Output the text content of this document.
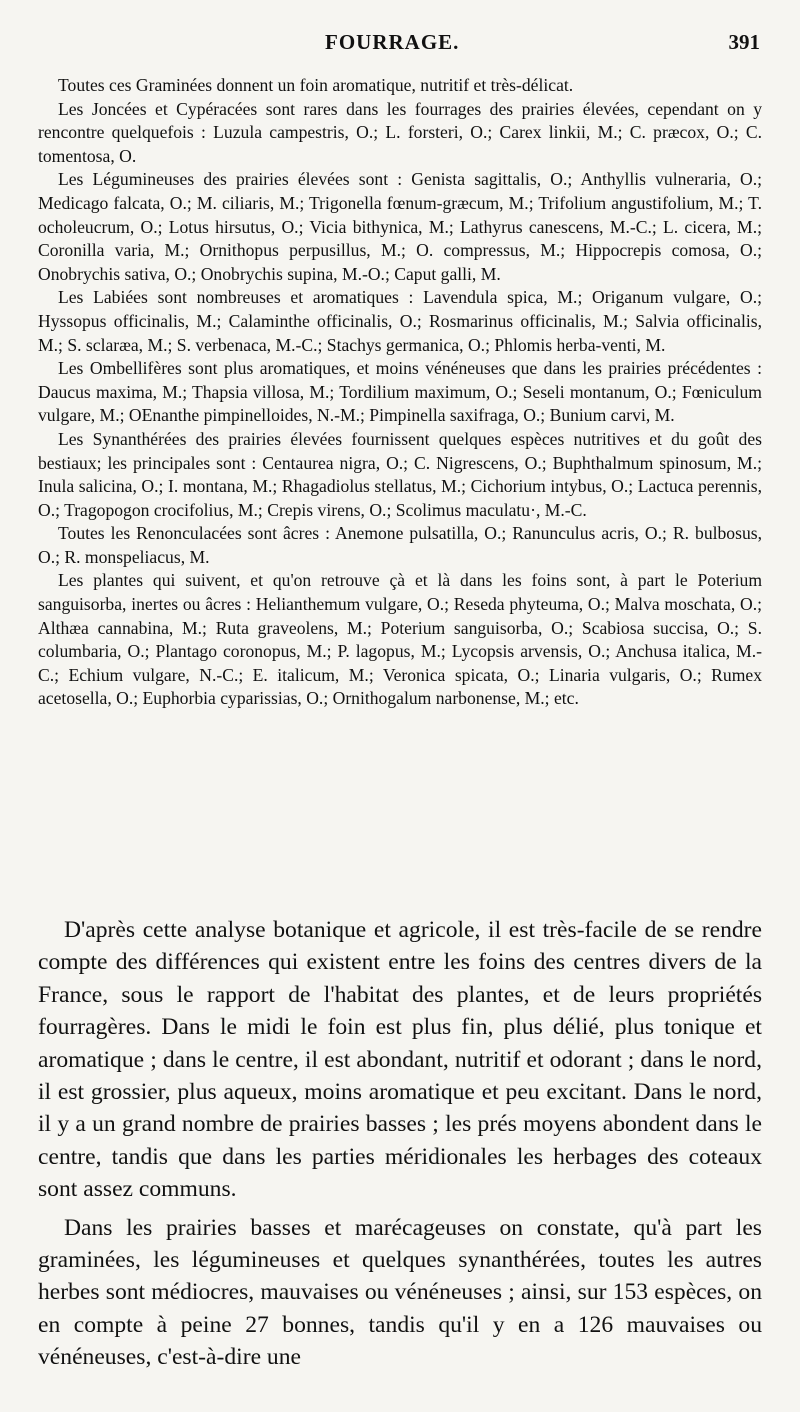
FOURRAGE.	391

Toutes ces Graminées donnent un foin aromatique, nutritif et très-délicat.

Les Joncées et Cypéracées sont rares dans les fourrages des prairies élevées, cependant on y rencontre quelquefois : Luzula campestris, O.; L. forsteri, O.; Carex linkii, M.; C. præcox, O.; C. tomentosa, O.

Les Légumineuses des prairies élevées sont : Genista sagittalis, O.; Anthyllis vulneraria, O.; Medicago falcata, O.; M. ciliaris, M.; Trigonella fœnum-græcum, M.; Trifolium angustifolium, M.; T. ocholeucrum, O.; Lotus hirsutus, O.; Vicia bithynica, M.; Lathyrus canescens, M.-C.; L. cicera, M.; Coronilla varia, M.; Ornithopus perpusillus, M.; O. compressus, M.; Hippocrepis comosa, O.; Onobrychis sativa, O.; Onobrychis supina, M.-O.; Caput galli, M.

Les Labiées sont nombreuses et aromatiques : Lavendula spica, M.; Origanum vulgare, O.; Hyssopus officinalis, M.; Calaminthe officinalis, O.; Rosmarinus officinalis, M.; Salvia officinalis, M.; S. sclaræa, M.; S. verbenaca, M.-C.; Stachys germanica, O.; Phlomis herba-venti, M.

Les Ombellifères sont plus aromatiques, et moins vénéneuses que dans les prairies précédentes : Daucus maxima, M.; Thapsia villosa, M.; Tordilium maximum, O.; Seseli montanum, O.; Fœniculum vulgare, M.; OEnanthe pimpinelloides, N.-M.; Pimpinella saxifraga, O.; Bunium carvi, M.

Les Synanthérées des prairies élevées fournissent quelques espèces nutritives et du goût des bestiaux; les principales sont : Centaurea nigra, O.; C. Nigrescens, O.; Buphthalmum spinosum, M.; Inula salicina, O.; I. montana, M.; Rhagadiolus stellatus, M.; Cichorium intybus, O.; Lactuca perennis, O.; Tragopogon crocifolius, M.; Crepis virens, O.; Scolimus maculatu·, M.-C.

Toutes les Renonculacées sont âcres : Anemone pulsatilla, O.; Ranunculus acris, O.; R. bulbosus, O.; R. monspeliacus, M.

Les plantes qui suivent, et qu'on retrouve çà et là dans les foins sont, à part le Poterium sanguisorba, inertes ou âcres : Helianthemum vulgare, O.; Reseda phyteuma, O.; Malva moschata, O.; Althæa cannabina, M.; Ruta graveolens, M.; Poterium sanguisorba, O.; Scabiosa succisa, O.; S. columbaria, O.; Plantago coronopus, M.; P. lagopus, M.; Lycopsis arvensis, O.; Anchusa italica, M.-C.; Echium vulgare, N.-C.; E. italicum, M.; Veronica spicata, O.; Linaria vulgaris, O.; Rumex acetosella, O.; Euphorbia cyparissias, O.; Ornithogalum narbonense, M.; etc.

D'après cette analyse botanique et agricole, il est très-facile de se rendre compte des différences qui existent entre les foins des centres divers de la France, sous le rapport de l'habitat des plantes, et de leurs propriétés fourragères. Dans le midi le foin est plus fin, plus délié, plus tonique et aromatique ; dans le centre, il est abondant, nutritif et odorant ; dans le nord, il est grossier, plus aqueux, moins aromatique et peu excitant. Dans le nord, il y a un grand nombre de prairies basses ; les prés moyens abondent dans le centre, tandis que dans les parties méridionales les herbages des coteaux sont assez communs.

Dans les prairies basses et marécageuses on constate, qu'à part les graminées, les légumineuses et quelques synanthérées, toutes les autres herbes sont médiocres, mauvaises ou vénéneuses ; ainsi, sur 153 espèces, on en compte à peine 27 bonnes, tandis qu'il y en a 126 mauvaises ou vénéneuses, c'est-à-dire une
